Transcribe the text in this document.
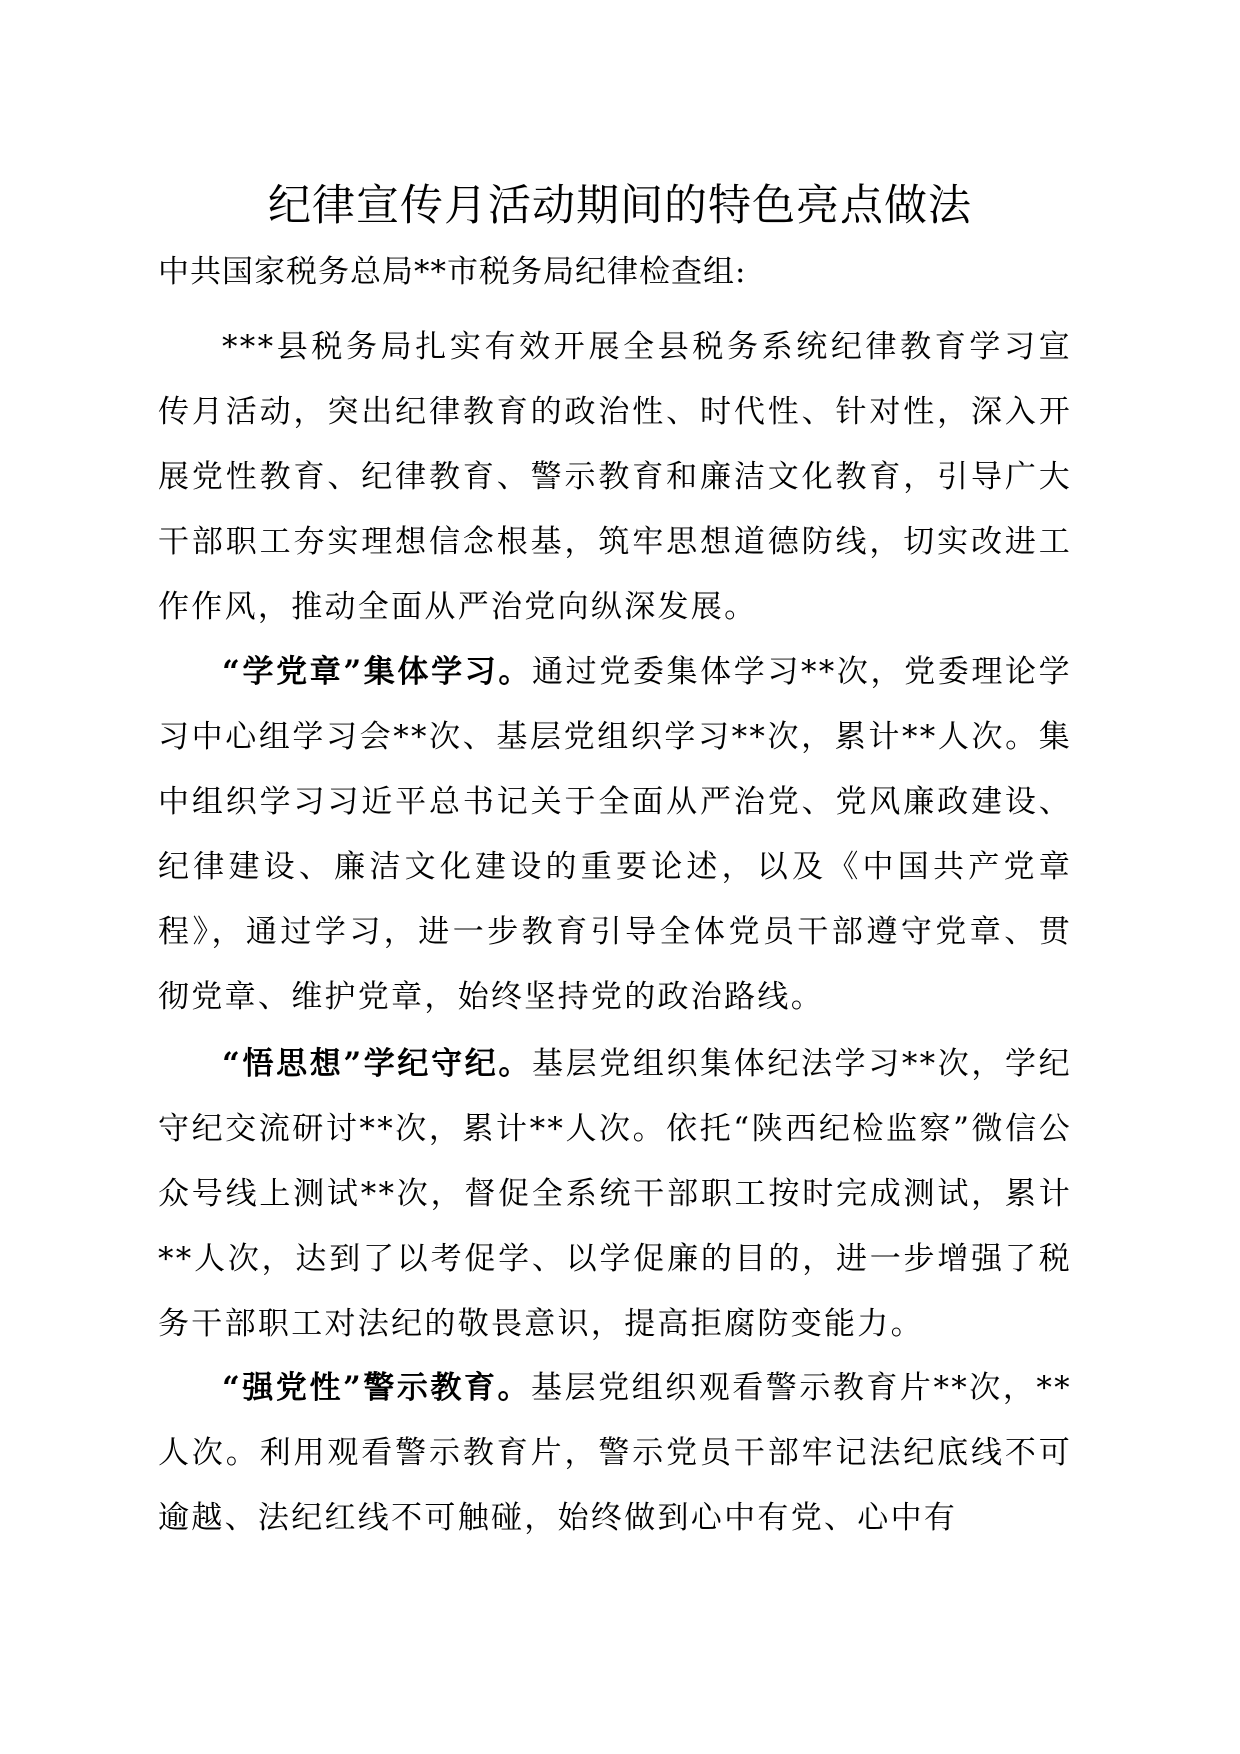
纪律宣传月活动期间的特色亮点做法

中共国家税务总局**市税务局纪律检查组:

***县税务局扎实有效开展全县税务系统纪律教育学习宣传月活动，突出纪律教育的政治性、时代性、针对性，深入开展党性教育、纪律教育、警示教育和廉洁文化教育，引导广大干部职工夯实理想信念根基，筑牢思想道德防线，切实改进工作作风，推动全面从严治党向纵深发展。

“学党章”集体学习。通过党委集体学习**次，党委理论学习中心组学习会**次、基层党组织学习**次，累计**人次。集中组织学习习近平总书记关于全面从严治党、党风廉政建设、纪律建设、廉洁文化建设的重要论述，以及《中国共产党章程》，通过学习，进一步教育引导全体党员干部遵守党章、贯彻党章、维护党章，始终坚持党的政治路线。

“悟思想”学纪守纪。基层党组织集体纪法学习**次，学纪守纪交流研讨**次，累计**人次。依托“陕西纪检监察”微信公众号线上测试**次，督促全系统干部职工按时完成测试，累计**人次，达到了以考促学、以学促廉的目的，进一步增强了税务干部职工对法纪的敬畏意识，提高拒腐防变能力。

“强党性”警示教育。基层党组织观看警示教育片**次，**人次。利用观看警示教育片，警示党员干部牢记法纪底线不可逾越、法纪红线不可触碰，始终做到心中有党、心中有
